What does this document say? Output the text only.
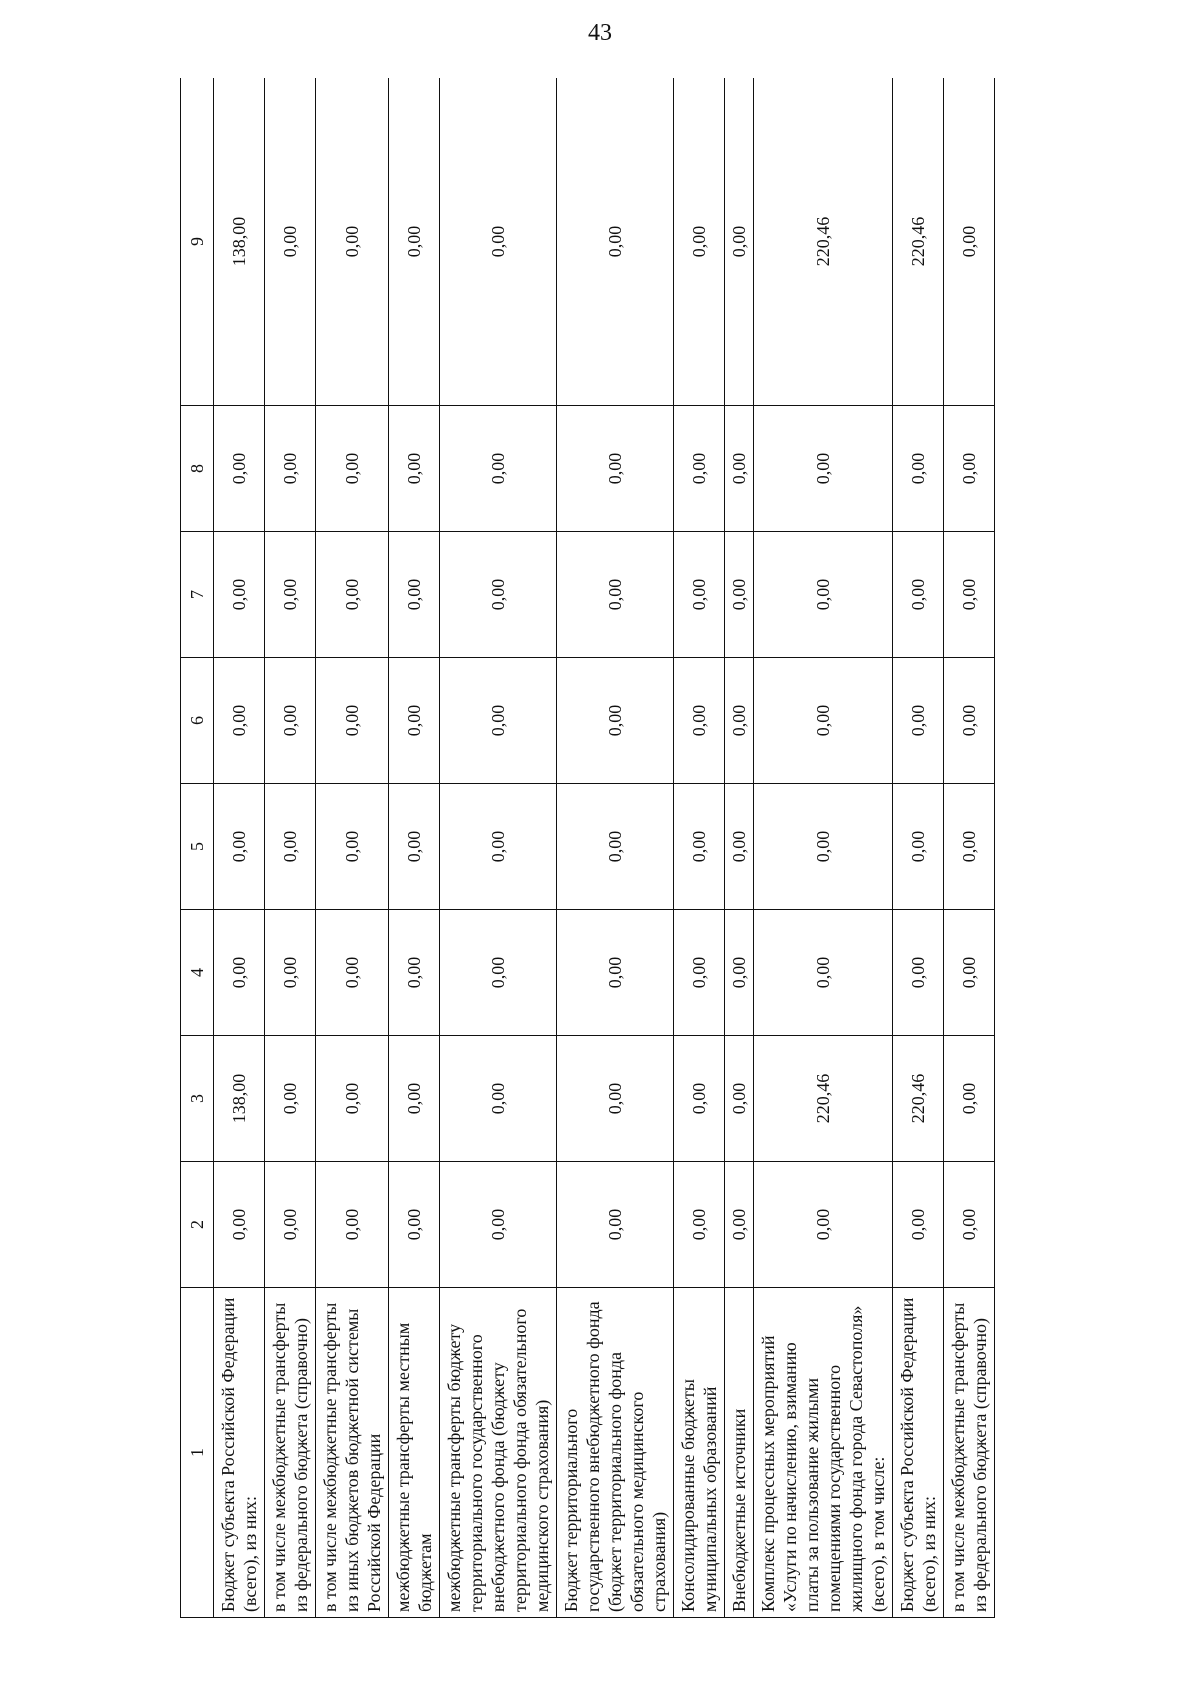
43
1	2	3	4	5	6	7	8	9
Бюджет субъекта Российской Федерации (всего), из них:	0,00	138,00	0,00	0,00	0,00	0,00	0,00	138,00
в том числе межбюджетные трансферты из федерального бюджета (справочно)	0,00	0,00	0,00	0,00	0,00	0,00	0,00	0,00
в том числе межбюджетные трансферты из иных бюджетов бюджетной системы Российской Федерации	0,00	0,00	0,00	0,00	0,00	0,00	0,00	0,00
межбюджетные трансферты местным бюджетам	0,00	0,00	0,00	0,00	0,00	0,00	0,00	0,00
межбюджетные трансферты бюджету территориального государственного внебюджетного фонда (бюджету территориального фонда обязательного медицинского страхования)	0,00	0,00	0,00	0,00	0,00	0,00	0,00	0,00
Бюджет территориального государственного внебюджетного фонда (бюджет территориального фонда обязательного медицинского страхования)	0,00	0,00	0,00	0,00	0,00	0,00	0,00	0,00
Консолидированные бюджеты муниципальных образований	0,00	0,00	0,00	0,00	0,00	0,00	0,00	0,00
Внебюджетные источники	0,00	0,00	0,00	0,00	0,00	0,00	0,00	0,00
Комплекс процессных мероприятий «Услуги по начислению, взиманию платы за пользование жилыми помещениями государственного жилищного фонда города Севастополя» (всего), в том числе:	0,00	220,46	0,00	0,00	0,00	0,00	0,00	220,46
Бюджет субъекта Российской Федерации (всего), из них:	0,00	220,46	0,00	0,00	0,00	0,00	0,00	220,46
в том числе межбюджетные трансферты из федерального бюджета (справочно)	0,00	0,00	0,00	0,00	0,00	0,00	0,00	0,00
